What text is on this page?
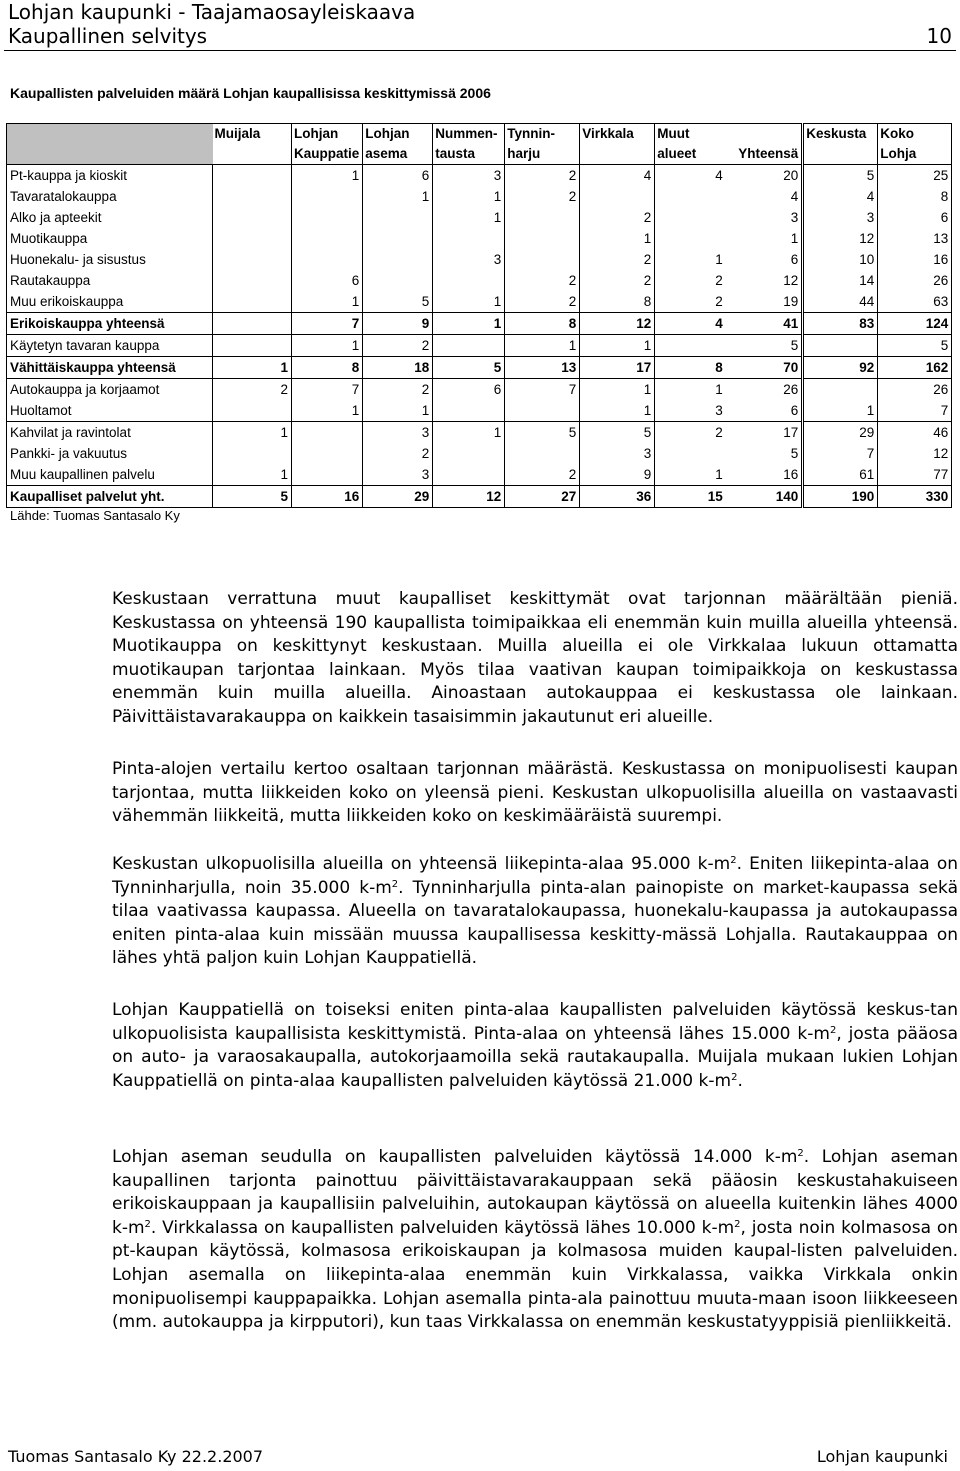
Lohjan kaupunki - Taajamaosayleiskaava
Kaupallinen selvitys	10
Kaupallisten palveluiden määrä Lohjan kaupallisissa keskittymissä 2006
	Muijala	Lohjan	Lohjan	Nummen-	Tynnin-	Virkkala	Muut		Keskusta	Koko
		Kauppatie	asema	tausta	harju		alueet	Yhteensä		Lohja
Pt-kauppa ja kioskit		1	6	3	2	4	4	20	5	25
Tavaratalokauppa			1	1	2			4	4	8
Alko ja apteekit				1		2		3	3	6
Muotikauppa						1		1	12	13
Huonekalu- ja sisustus				3		2	1	6	10	16
Rautakauppa		6			2	2	2	12	14	26
Muu erikoiskauppa		1	5	1	2	8	2	19	44	63
Erikoiskauppa yhteensä		7	9	1	8	12	4	41	83	124
Käytetyn tavaran kauppa		1	2		1	1		5		5
Vähittäiskauppa yhteensä	1	8	18	5	13	17	8	70	92	162
Autokauppa ja korjaamot	2	7	2	6	7	1	1	26		26
Huoltamot		1	1			1	3	6	1	7
Kahvilat ja ravintolat	1		3	1	5	5	2	17	29	46
Pankki- ja vakuutus			2			3		5	7	12
Muu kaupallinen palvelu	1		3		2	9	1	16	61	77
Kaupalliset palvelut yht.	5	16	29	12	27	36	15	140	190	330
Lähde: Tuomas Santasalo Ky

Keskustaan verrattuna muut kaupalliset keskittymät ovat tarjonnan määrältään pieniä. Keskustassa on yhteensä 190 kaupallista toimipaikkaa eli enemmän kuin muilla alueilla yhteensä. Muotikauppa on keskittynyt keskustaan. Muilla alueilla ei ole Virkkalaa lukuun ottamatta muotikaupan tarjontaa lainkaan. Myös tilaa vaativan kaupan toimipaikkoja on keskustassa enemmän kuin muilla alueilla. Ainoastaan autokauppaa ei keskustassa ole lainkaan. Päivittäistavarakauppa on kaikkein tasaisimmin jakautunut eri alueille.

Pinta-alojen vertailu kertoo osaltaan tarjonnan määrästä. Keskustassa on monipuolisesti kaupan tarjontaa, mutta liikkeiden koko on yleensä pieni. Keskustan ulkopuolisilla alueilla on vastaavasti vähemmän liikkeitä, mutta liikkeiden koko on keskimääräistä suurempi.

Keskustan ulkopuolisilla alueilla on yhteensä liikepinta-alaa 95.000 $k-m^2$. Eniten liikepinta-alaa on Tynninharjulla, noin 35.000 $k-m^2$. Tynninharjulla pinta-alan painopiste on market-kaupassa sekä tilaa vaativassa kaupassa. Alueella on tavaratalokaupassa, huonekalu-kaupassa ja autokaupassa eniten pinta-alaa kuin missään muussa kaupallisessa keskitty-mässä Lohjalla. Rautakauppaa on lähes yhtä paljon kuin Lohjan Kauppatiellä.

Lohjan Kauppatiellä on toiseksi eniten pinta-alaa kaupallisten palveluiden käytössä keskus-tan ulkopuolisista kaupallisista keskittymistä. Pinta-alaa on yhteensä lähes 15.000 $k-m^2$, josta pääosa on auto- ja varaosakaupalla, autokorjaamoilla sekä rautakaupalla. Muijala mukaan lukien Lohjan Kauppatiellä on pinta-alaa kaupallisten palveluiden käytössä 21.000 $k-m^2$.

Lohjan aseman seudulla on kaupallisten palveluiden käytössä 14.000 $k-m^2$. Lohjan aseman kaupallinen tarjonta painottuu päivittäistavarakauppaan sekä pääosin keskustahakuiseen erikoiskauppaan ja kaupallisiin palveluihin, autokaupan käytössä on alueella kuitenkin lähes 4000 $k-m^2$. Virkkalassa on kaupallisten palveluiden käytössä lähes 10.000 $k-m^2$, josta noin kolmasosa on pt-kaupan käytössä, kolmasosa erikoiskaupan ja kolmasosa muiden kaupal-listen palveluiden. Lohjan asemalla on liikepinta-alaa enemmän kuin Virkkalassa, vaikka Virkkala onkin monipuolisempi kauppapaikka. Lohjan asemalla pinta-ala painottuu muuta-maan isoon liikkeeseen (mm. autokauppa ja kirpputori), kun taas Virkkalassa on enemmän keskustatyyppisiä pienliikkeitä.

Tuomas Santasalo Ky 22.2.2007	Lohjan kaupunki
